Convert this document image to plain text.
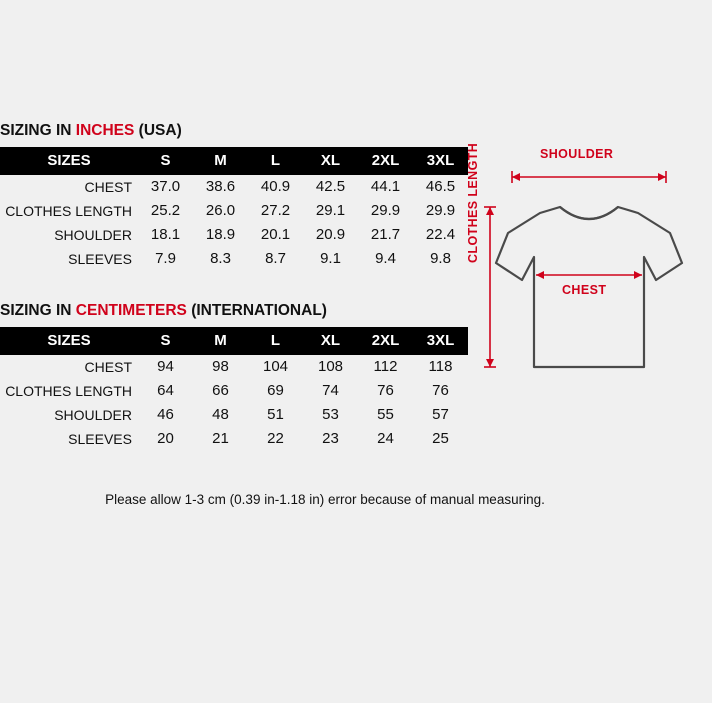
SIZING IN INCHES (USA)
SIZES	S	M	L	XL	2XL	3XL
CHEST	37.0	38.6	40.9	42.5	44.1	46.5
CLOTHES LENGTH	25.2	26.0	27.2	29.1	29.9	29.9
SHOULDER	18.1	18.9	20.1	20.9	21.7	22.4
SLEEVES	7.9	8.3	8.7	9.1	9.4	9.8
SIZING IN CENTIMETERS (INTERNATIONAL)
SIZES	S	M	L	XL	2XL	3XL
CHEST	94	98	104	108	112	118
CLOTHES LENGTH	64	66	69	74	76	76
SHOULDER	46	48	51	53	55	57
SLEEVES	20	21	22	23	24	25
Please allow 1-3 cm (0.39 in-1.18 in) error because of manual measuring.
SHOULDER
CHEST
CLOTHES LENGTH
